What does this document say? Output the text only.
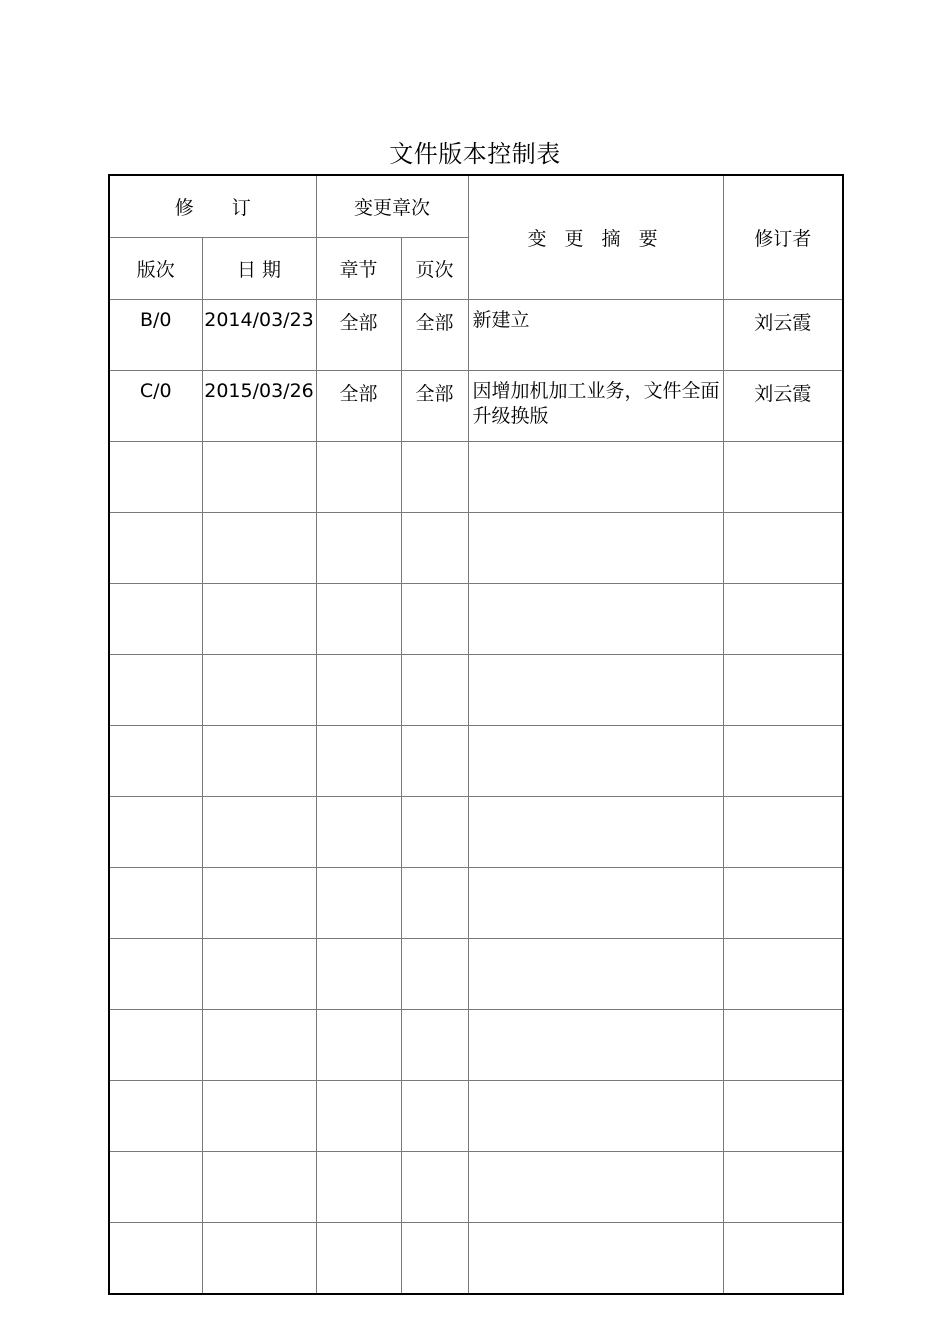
文件版本控制表
修　　订		变更章次		变 更 摘 要	修订者
版次	日 期	章节	页次		
B/0	2014/03/23	全部	全部	新建立	刘云霞
C/0	2015/03/26	全部	全部	因增加机加工业务，文件全面升级换版	刘云霞
